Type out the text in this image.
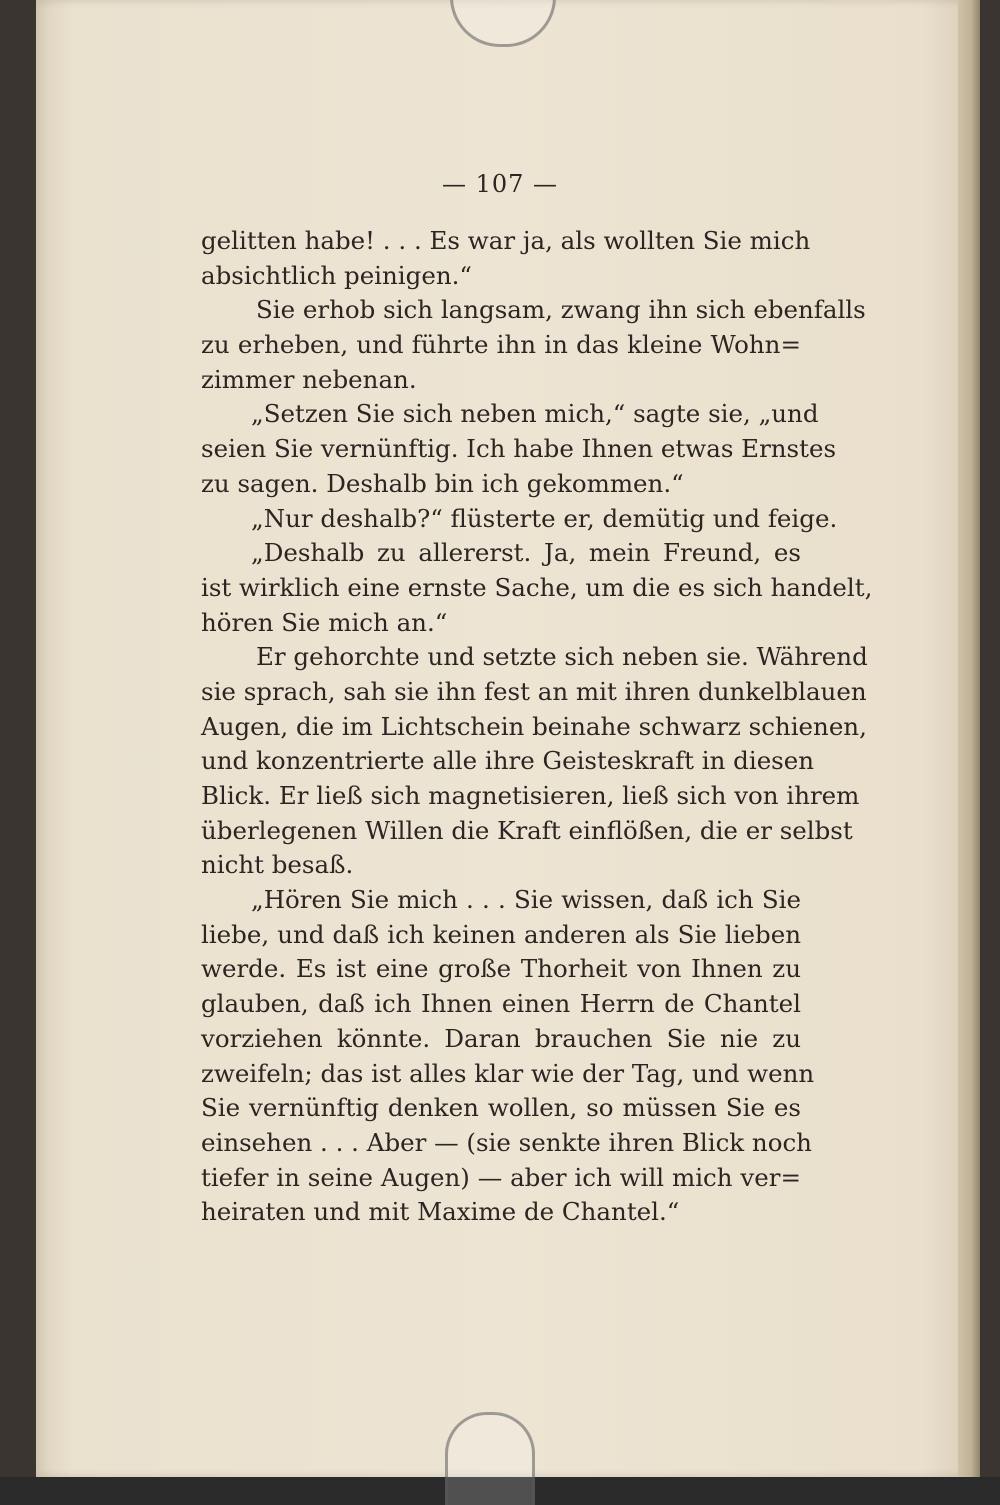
— 107 —
gelitten habe! . . . Es war ja, als wollten Sie mich
absichtlich peinigen.“
Sie erhob sich langsam, zwang ihn sich ebenfalls
zu erheben, und führte ihn in das kleine Wohn=
zimmer nebenan.
„Setzen Sie sich neben mich,“ sagte sie, „und
seien Sie vernünftig. Ich habe Ihnen etwas Ernstes
zu sagen. Deshalb bin ich gekommen.“
„Nur deshalb?“ flüsterte er, demütig und feige.
„Deshalb zu allererst. Ja, mein Freund, es
ist wirklich eine ernste Sache, um die es sich handelt,
hören Sie mich an.“
Er gehorchte und setzte sich neben sie. Während
sie sprach, sah sie ihn fest an mit ihren dunkelblauen
Augen, die im Lichtschein beinahe schwarz schienen,
und konzentrierte alle ihre Geisteskraft in diesen
Blick. Er ließ sich magnetisieren, ließ sich von ihrem
überlegenen Willen die Kraft einflößen, die er selbst
nicht besaß.
„Hören Sie mich . . . Sie wissen, daß ich Sie
liebe, und daß ich keinen anderen als Sie lieben
werde. Es ist eine große Thorheit von Ihnen zu
glauben, daß ich Ihnen einen Herrn de Chantel
vorziehen könnte. Daran brauchen Sie nie zu
zweifeln; das ist alles klar wie der Tag, und wenn
Sie vernünftig denken wollen, so müssen Sie es
einsehen . . . Aber — (sie senkte ihren Blick noch
tiefer in seine Augen) — aber ich will mich ver=
heiraten und mit Maxime de Chantel.“
